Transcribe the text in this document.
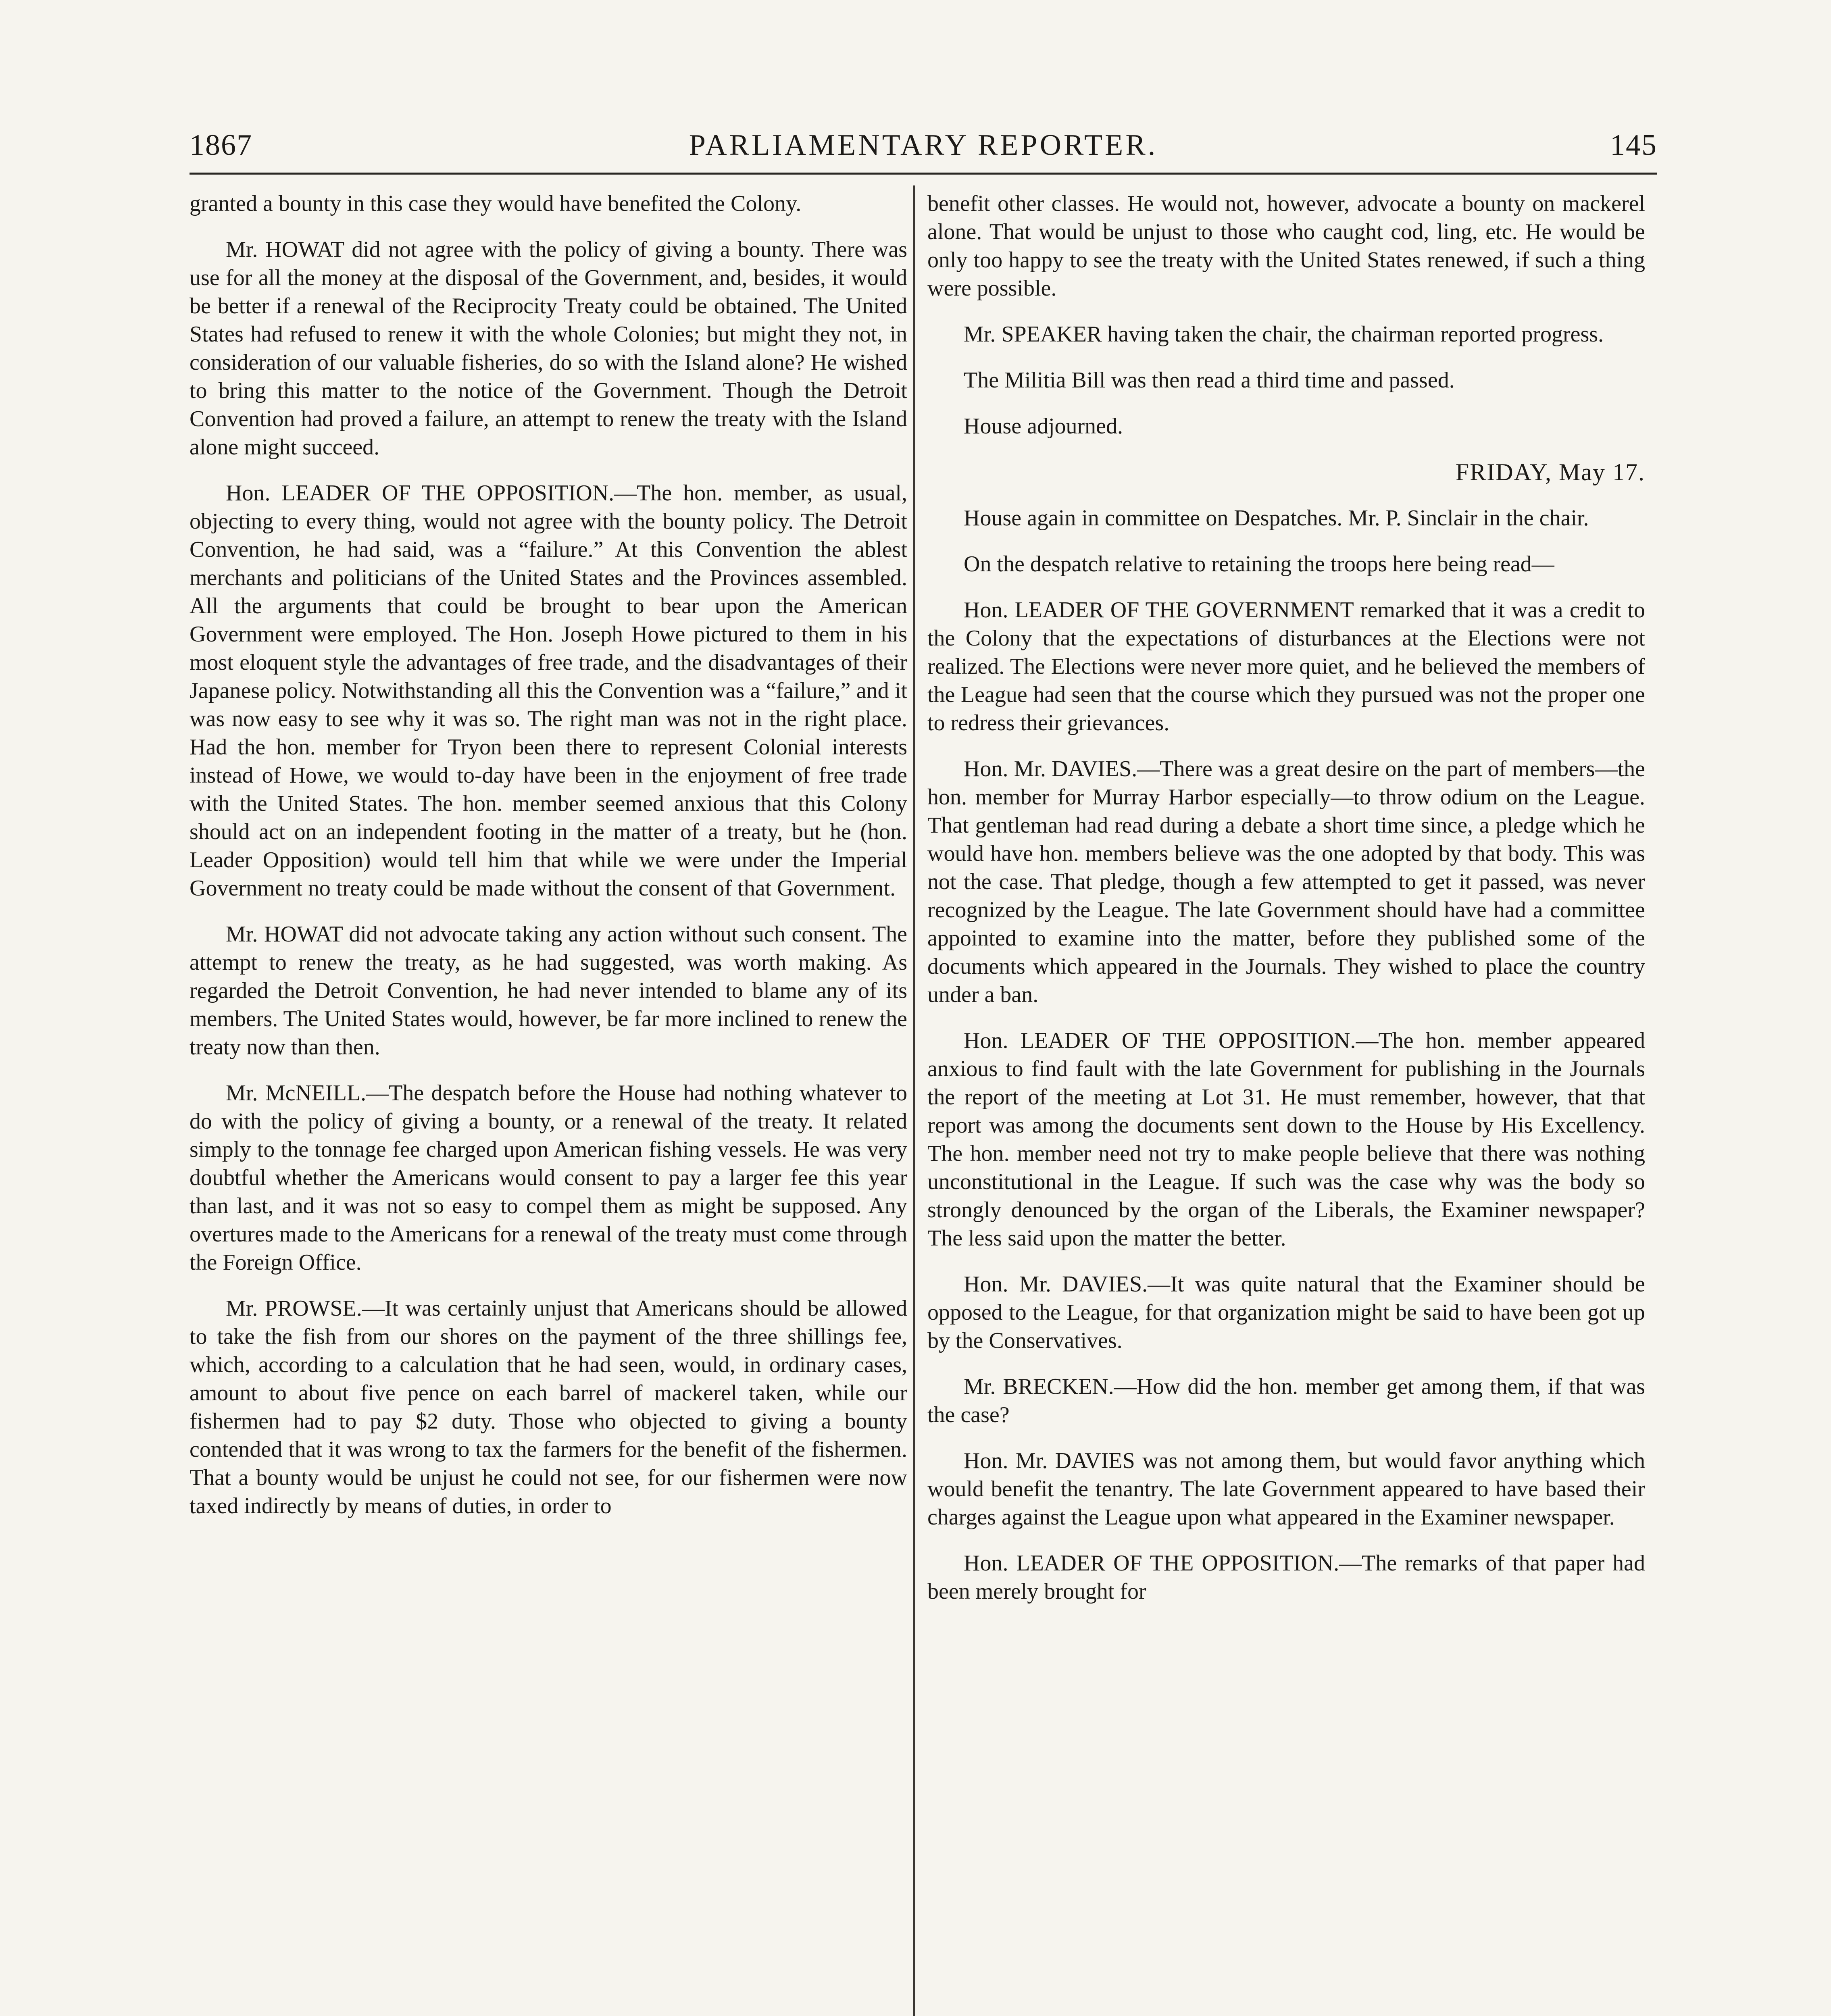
1867	PARLIAMENTARY REPORTER.	145

granted a bounty in this case they would have benefited the Colony.

Mr. HOWAT did not agree with the policy of giving a bounty. There was use for all the money at the disposal of the Government, and, besides, it would be better if a renewal of the Reciprocity Treaty could be obtained. The United States had refused to renew it with the whole Colonies; but might they not, in consideration of our valuable fisheries, do so with the Island alone? He wished to bring this matter to the notice of the Government. Though the Detroit Convention had proved a failure, an attempt to renew the treaty with the Island alone might succeed.

Hon. LEADER OF THE OPPOSITION.—The hon. member, as usual, objecting to every thing, would not agree with the bounty policy. The Detroit Convention, he had said, was a “failure.” At this Convention the ablest merchants and politicians of the United States and the Provinces assembled. All the arguments that could be brought to bear upon the American Government were employed. The Hon. Joseph Howe pictured to them in his most eloquent style the advantages of free trade, and the disadvantages of their Japanese policy. Notwithstanding all this the Convention was a “failure,” and it was now easy to see why it was so. The right man was not in the right place. Had the hon. member for Tryon been there to represent Colonial interests instead of Howe, we would to-day have been in the enjoyment of free trade with the United States. The hon. member seemed anxious that this Colony should act on an independent footing in the matter of a treaty, but he (hon. Leader Opposition) would tell him that while we were under the Imperial Government no treaty could be made without the consent of that Government.

Mr. HOWAT did not advocate taking any action without such consent. The attempt to renew the treaty, as he had suggested, was worth making. As regarded the Detroit Convention, he had never intended to blame any of its members. The United States would, however, be far more inclined to renew the treaty now than then.

Mr. McNEILL.—The despatch before the House had nothing whatever to do with the policy of giving a bounty, or a renewal of the treaty. It related simply to the tonnage fee charged upon American fishing vessels. He was very doubtful whether the Americans would consent to pay a larger fee this year than last, and it was not so easy to compel them as might be supposed. Any overtures made to the Americans for a renewal of the treaty must come through the Foreign Office.

Mr. PROWSE.—It was certainly unjust that Americans should be allowed to take the fish from our shores on the payment of the three shillings fee, which, according to a calculation that he had seen, would, in ordinary cases, amount to about five pence on each barrel of mackerel taken, while our fishermen had to pay $2 duty. Those who objected to giving a bounty contended that it was wrong to tax the farmers for the benefit of the fishermen. That a bounty would be unjust he could not see, for our fishermen were now taxed indirectly by means of duties, in order to

benefit other classes. He would not, however, advocate a bounty on mackerel alone. That would be unjust to those who caught cod, ling, etc. He would be only too happy to see the treaty with the United States renewed, if such a thing were possible.

Mr. SPEAKER having taken the chair, the chairman reported progress.

The Militia Bill was then read a third time and passed.

House adjourned.

FRIDAY, May 17.

House again in committee on Despatches. Mr. P. Sinclair in the chair.

On the despatch relative to retaining the troops here being read—

Hon. LEADER OF THE GOVERNMENT remarked that it was a credit to the Colony that the expectations of disturbances at the Elections were not realized. The Elections were never more quiet, and he believed the members of the League had seen that the course which they pursued was not the proper one to redress their grievances.

Hon. Mr. DAVIES.—There was a great desire on the part of members—the hon. member for Murray Harbor especially—to throw odium on the League. That gentleman had read during a debate a short time since, a pledge which he would have hon. members believe was the one adopted by that body. This was not the case. That pledge, though a few attempted to get it passed, was never recognized by the League. The late Government should have had a committee appointed to examine into the matter, before they published some of the documents which appeared in the Journals. They wished to place the country under a ban.

Hon. LEADER OF THE OPPOSITION.—The hon. member appeared anxious to find fault with the late Government for publishing in the Journals the report of the meeting at Lot 31. He must remember, however, that that report was among the documents sent down to the House by His Excellency. The hon. member need not try to make people believe that there was nothing unconstitutional in the League. If such was the case why was the body so strongly denounced by the organ of the Liberals, the Examiner newspaper? The less said upon the matter the better.

Hon. Mr. DAVIES.—It was quite natural that the Examiner should be opposed to the League, for that organization might be said to have been got up by the Conservatives.

Mr. BRECKEN.—How did the hon. member get among them, if that was the case?

Hon. Mr. DAVIES was not among them, but would favor anything which would benefit the tenantry. The late Government appeared to have based their charges against the League upon what appeared in the Examiner newspaper.

Hon. LEADER OF THE OPPOSITION.—The remarks of that paper had been merely brought for
